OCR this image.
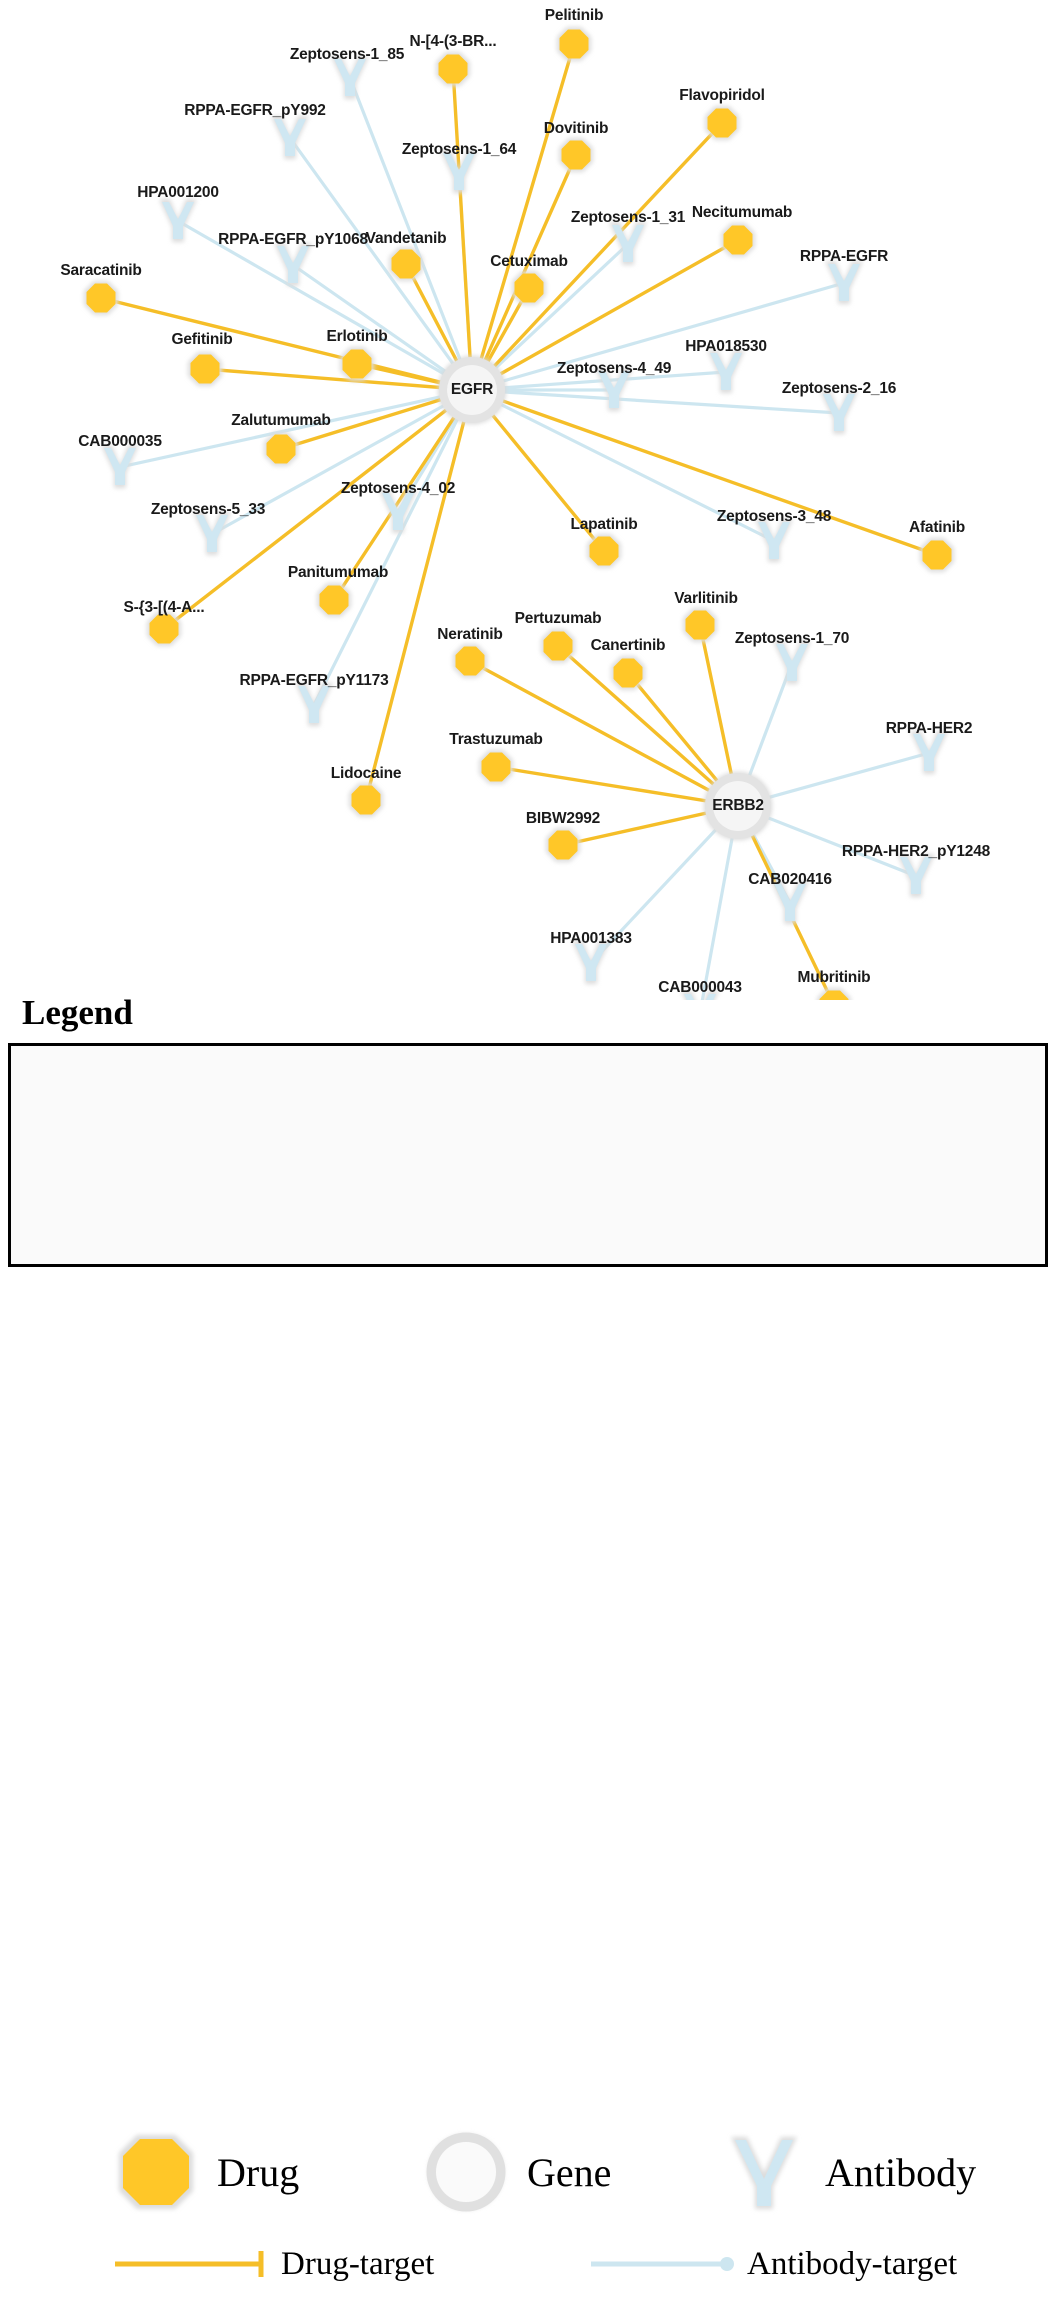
Zeptosens-1_85
RPPA-EGFR_pY992
Zeptosens-1_64
HPA001200
Zeptosens-1_31
RPPA-EGFR_pY1068
RPPA-EGFR
HPA018530
Zeptosens-4_49
Zeptosens-2_16
CAB000035
Zeptosens-4_02
Zeptosens-5_33	Zeptosens-3_48
RPPA-EGFR_pY1173
Zeptosens-1_70
RPPA-HER2
RPPA-HER2_pY1248
CAB020416
HPA001383
CAB000043
Pelitinib
N-[4-(3-BR...
Flavopiridol
Dovitinib
Necitumumab
Vandetanib
Cetuximab
Saracatinib
Gefitinib	Erlotinib
Zalutumumab
Afatinib
Lapatinib
Varlitinib
Panitumumab
S-{3-[(4-A...
Pertuzumab
Neratinib
Canertinib
Trastuzumab
Lidocaine
BIBW2992
Mubritinib
EGFR
ERBB2
Legend
Drug	Gene	Antibody
Drug-target	Antibody-target
